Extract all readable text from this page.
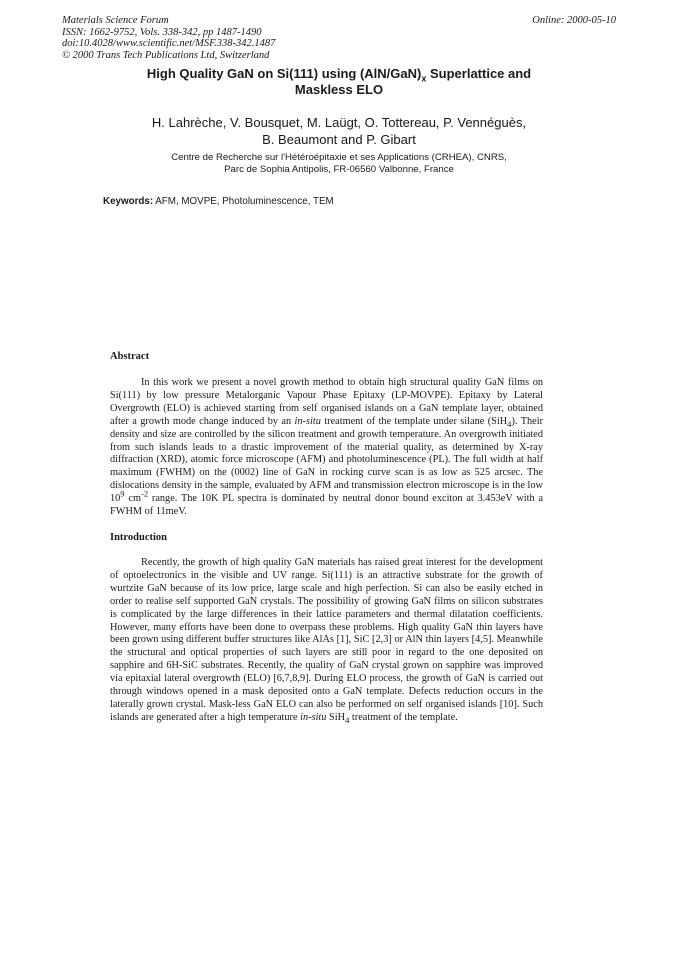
Materials Science Forum
ISSN: 1662-9752, Vols. 338-342, pp 1487-1490
doi:10.4028/www.scientific.net/MSF.338-342.1487
© 2000 Trans Tech Publications Ltd, Switzerland
Online: 2000-05-10
High Quality GaN on Si(111) using $(AlN/GaN)_x$ Superlattice and
Maskless ELO
H. Lahrèche, V. Bousquet, M. Laügt, O. Tottereau, P. Vennéguès,
B. Beaumont and P. Gibart
Centre de Recherche sur l'Hétéroépitaxie et ses Applications (CRHEA), CNRS,
Parc de Sophia Antipolis, FR-06560 Valbonne, France
Keywords: AFM, MOVPE, Photoluminescence, TEM
Abstract
In this work we present a novel growth method to obtain high structural quality GaN films on Si(111) by low pressure Metalorganic Vapour Phase Epitaxy (LP-MOVPE). Epitaxy by Lateral Overgrowth (ELO) is achieved starting from self organised islands on a GaN template layer, obtained after a growth mode change induced by an in-situ treatment of the template under silane (SiH$_4$). Their density and size are controlled by the silicon treatment and growth temperature. An overgrowth initiated from such islands leads to a drastic improvement of the material quality, as determined by X-ray diffraction (XRD), atomic force microscope (AFM) and photoluminescence (PL). The full width at half maximum (FWHM) on the (0002) line of GaN in rocking curve scan is as low as 525 arcsec. The dislocations density in the sample, evaluated by AFM and transmission electron microscope is in the low $10^9$ $cm^{-2}$ range. The 10K PL spectra is dominated by neutral donor bound exciton at 3.453eV with a FWHM of 11meV.
Introduction
Recently, the growth of high quality GaN materials has raised great interest for the development of optoelectronics in the visible and UV range. Si(111) is an attractive substrate for the growth of wurtzite GaN because of its low price, large scale and high perfection. Si can also be easily etched in order to realise self supported GaN crystals. The possibility of growing GaN films on silicon substrates is complicated by the large differences in their lattice parameters and thermal dilatation coefficients. However, many efforts have been done to overpass these problems. High quality GaN thin layers have been grown using different buffer structures like AlAs [1], SiC [2,3] or AlN thin layers [4,5]. Meanwhile the structural and optical properties of such layers are still poor in regard to the one deposited on sapphire and 6H-SiC substrates. Recently, the quality of GaN crystal grown on sapphire was improved via epitaxial lateral overgrowth (ELO) [6,7,8,9]. During ELO process, the growth of GaN is carried out through windows opened in a mask deposited onto a GaN template. Defects reduction occurs in the laterally grown crystal. Mask-less GaN ELO can also be performed on self organised islands [10]. Such islands are generated after a high temperature in-situ SiH$_4$ treatment of the template.
